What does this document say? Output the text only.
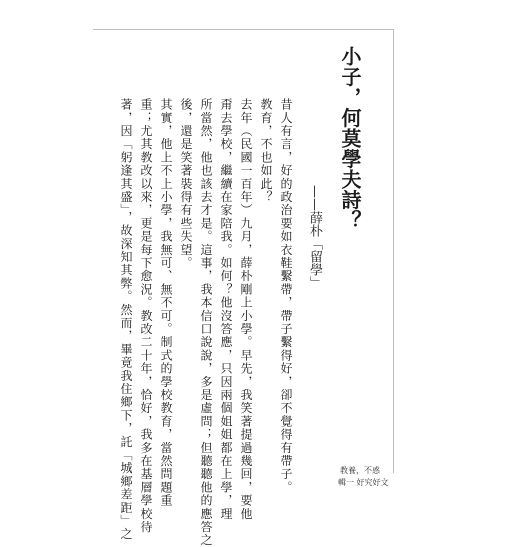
小子，何莫學夫詩？
——薛朴「留學」
昔人有言，好的政治要如衣鞋繫帶，帶子繫得好，卻不覺得有帶子。
教育，不也如此？
去年（民國一百年）九月，薛朴剛上小學。早先，我笑著提過幾回，要他
甭去學校，繼續在家陪我。如何？他沒答應，只因兩個姐姐都在上學，理
所當然，他也該去才是。這事，我本信口說說，多是虛問；但聽聽他的應答之
後，還是笑著裝得有些失望。
其實，他上不上小學，我無可、無不可。制式的學校教育，當然問題重
重；尤其教改以來，更是每下愈況。教改二十年，恰好，我多在基層學校待
著，因「躬逢其盛」，故深知其弊。然而，畢竟我住鄉下，託「城鄉差距」之	教養，不惑
輯一 好究好文
